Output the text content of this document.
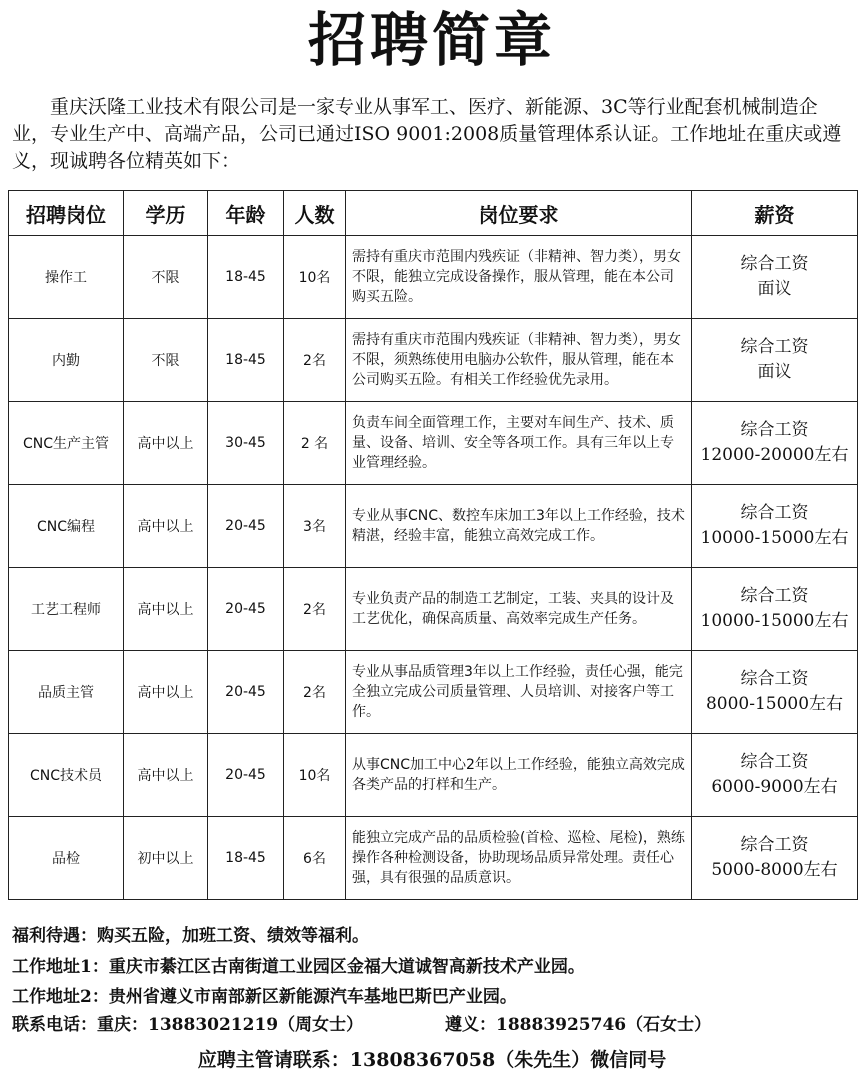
招聘简章
重庆沃隆工业技术有限公司是一家专业从事军工、医疗、新能源、3C等行业配套机械制造企业，专业生产中、高端产品，公司已通过ISO 9001:2008质量管理体系认证。工作地址在重庆或遵义，现诚聘各位精英如下：
招聘岗位	学历	年龄	人数	岗位要求	薪资
操作工	不限	18-45	10名	需持有重庆市范围内残疾证（非精神、智力类），男女不限，能独立完成设备操作，服从管理，能在本公司购买五险。	综合工资
面议

内勤	不限	18-45	2名	需持有重庆市范围内残疾证（非精神、智力类），男女不限，须熟练使用电脑办公软件，服从管理，能在本公司购买五险。有相关工作经验优先录用。	综合工资
面议

CNC生产主管	高中以上	30-45	2 名	负责车间全面管理工作，主要对车间生产、技术、质量、设备、培训、安全等各项工作。具有三年以上专业管理经验。	综合工资
12000-20000左右

CNC编程	高中以上	20-45	3名	专业从事CNC、数控车床加工3年以上工作经验，技术精湛，经验丰富，能独立高效完成工作。	综合工资
10000-15000左右

工艺工程师	高中以上	20-45	2名	专业负责产品的制造工艺制定，工装、夹具的设计及工艺优化，确保高质量、高效率完成生产任务。	综合工资
10000-15000左右

品质主管	高中以上	20-45	2名	专业从事品质管理3年以上工作经验，责任心强，能完全独立完成公司质量管理、人员培训、对接客户等工作。	综合工资
8000-15000左右

CNC技术员	高中以上	20-45	10名	从事CNC加工中心2年以上工作经验，能独立高效完成各类产品的打样和生产。	综合工资
6000-9000左右

品检	初中以上	18-45	6名	能独立完成产品的品质检验(首检、巡检、尾检)，熟练操作各种检测设备，协助现场品质异常处理。责任心强，具有很强的品质意识。	综合工资
5000-8000左右
福利待遇：购买五险，加班工资、绩效等福利。
工作地址1：重庆市綦江区古南街道工业园区金福大道诚智高新技术产业园。
工作地址2：贵州省遵义市南部新区新能源汽车基地巴斯巴产业园。
联系电话：重庆：13883021219（周女士）	遵义：18883925746（石女士）
应聘主管请联系：13808367058（朱先生）微信同号
